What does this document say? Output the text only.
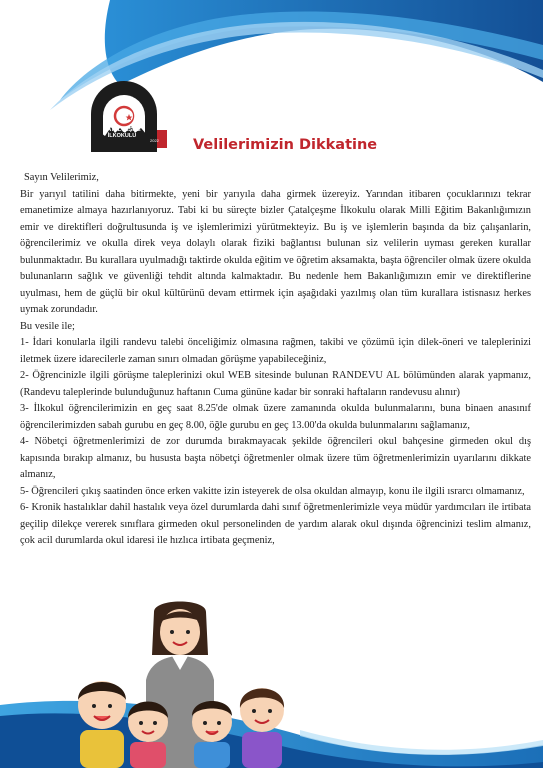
ÇATALÇEŞME
İLKOKULU
2022 Velilerimizin Dikkatine

Sayın Velilerimiz,

Bir yarıyıl tatilini daha bitirmekte, yeni bir yarıyıla daha girmek üzereyiz. Yarından itibaren çocuklarınızı tekrar emanetimize almaya hazırlanıyoruz. Tabi ki bu süreçte bizler Çatalçeşme İlkokulu olarak Milli Eğitim Bakanlığımızın emir ve direktifleri doğrultusunda iş ve işlemlerimizi yürütmekteyiz. Bu iş ve işlemlerin başında da biz çalışanlarin, öğrencilerimiz ve okulla direk veya dolaylı olarak fiziki bağlantısı bulunan siz velilerin uyması gereken kurallar bulunmaktadır. Bu kurallara uyulmadığı taktirde okulda eğitim ve öğretim aksamakta, başta öğrenciler olmak üzere okulda bulunanların sağlık ve güvenliği tehdit altında kalmaktadır. Bu nedenle hem Bakanlığımızın emir ve direktiflerine uyulması, hem de güçlü bir okul kültürünü devam ettirmek için aşağıdaki yazılmış olan tüm kurallara istisnasız herkes uymak zorundadır.

Bu vesile ile;

1- İdari konularla ilgili randevu talebi önceliğimiz olmasına rağmen, takibi ve çözümü için dilek-öneri ve taleplerinizi iletmek üzere idarecilerle zaman sınırı olmadan görüşme yapabileceğiniz,

2- Öğrencinizle ilgili görüşme taleplerinizi okul WEB sitesinde bulunan RANDEVU AL bölümünden alarak yapmanız, (Randevu taleplerinde bulunduğunuz haftanın Cuma gününe kadar bir sonraki haftaların randevusu alınır)

3- İlkokul öğrencilerimizin en geç saat 8.25'de olmak üzere zamanında okulda bulunmalarını, buna binaen anasınıf öğrencilerimizden sabah gurubu en geç 8.00, öğle gurubu en geç 13.00'da okulda bulunmalarını sağlamanız,

4- Nöbetçi öğretmenlerimizi de zor durumda bırakmayacak şekilde öğrencileri okul bahçesine girmeden okul dış kapısında bırakıp almanız, bu hususta başta nöbetçi öğretmenler olmak üzere tüm öğretmenlerimizin uyarılarını dikkate almanız,

5- Öğrencileri çıkış saatinden önce erken vakitte izin isteyerek de olsa okuldan almayıp, konu ile ilgili ısrarcı olmamanız,

6- Kronik hastalıklar dahil hastalık veya özel durumlarda dahi sınıf öğretmenlerimizle veya müdür yardımcıları ile irtibata geçilip dilekçe vererek sınıflara girmeden okul personelinden de yardım alarak okul dışında öğrencinizi teslim almanız, çok acil durumlarda okul idaresi ile hızlıca irtibata geçmeniz,
